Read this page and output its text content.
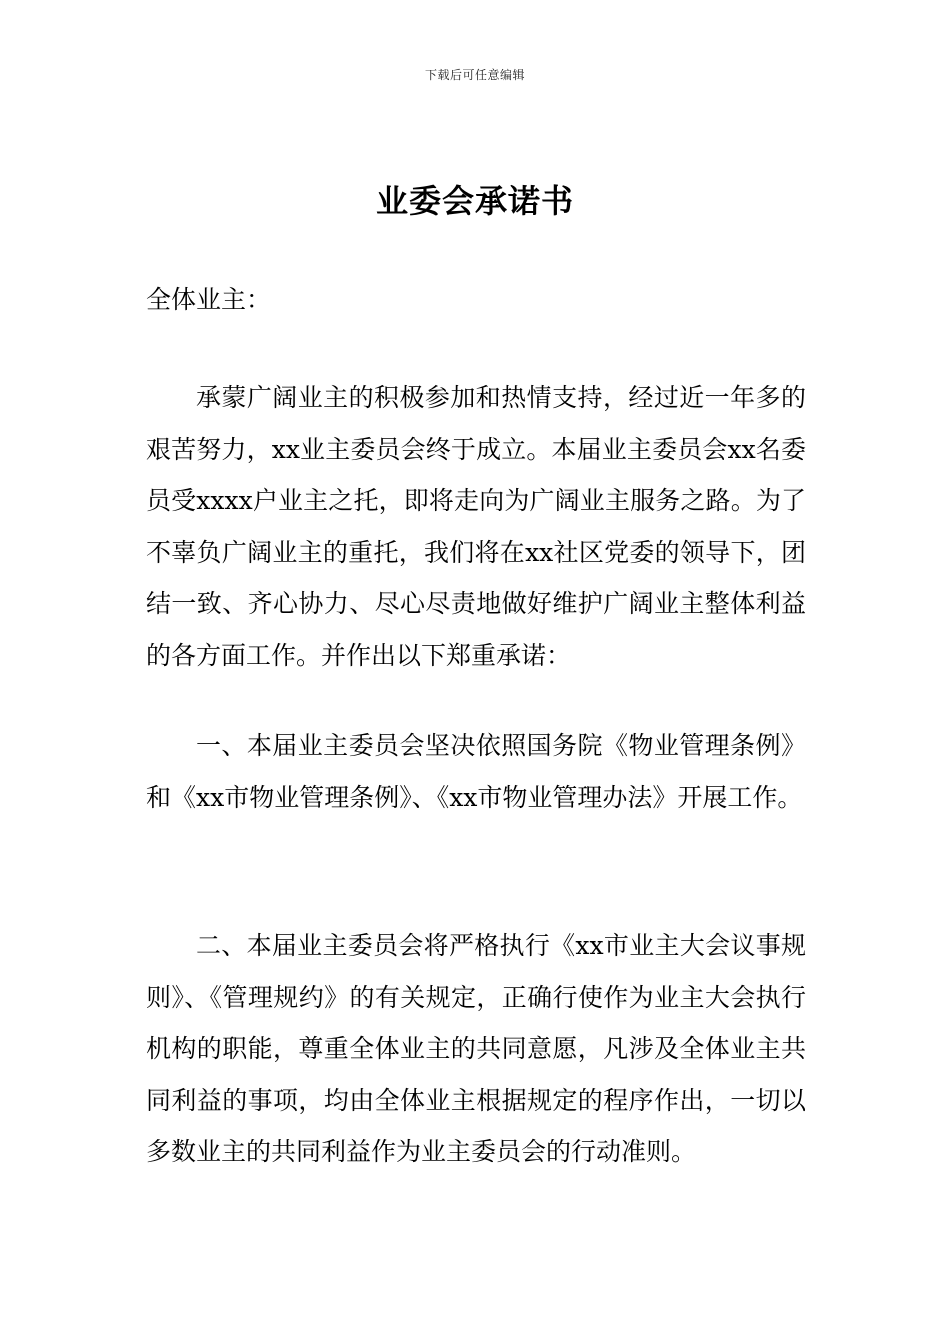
下载后可任意编辑
业委会承诺书
全体业主：

承蒙广阔业主的积极参加和热情支持，经过近一年多的艰苦努力，xx业主委员会终于成立。本届业主委员会xx名委员受xxxx户业主之托，即将走向为广阔业主服务之路。为了不辜负广阔业主的重托，我们将在xx社区党委的领导下，团结一致、齐心协力、尽心尽责地做好维护广阔业主整体利益的各方面工作。并作出以下郑重承诺：

一、本届业主委员会坚决依照国务院《物业管理条例》和《xx市物业管理条例》、《xx市物业管理办法》开展工作。

二、本届业主委员会将严格执行《xx市业主大会议事规则》、《管理规约》的有关规定，正确行使作为业主大会执行机构的职能，尊重全体业主的共同意愿，凡涉及全体业主共同利益的事项，均由全体业主根据规定的程序作出，一切以多数业主的共同利益作为业主委员会的行动准则。
